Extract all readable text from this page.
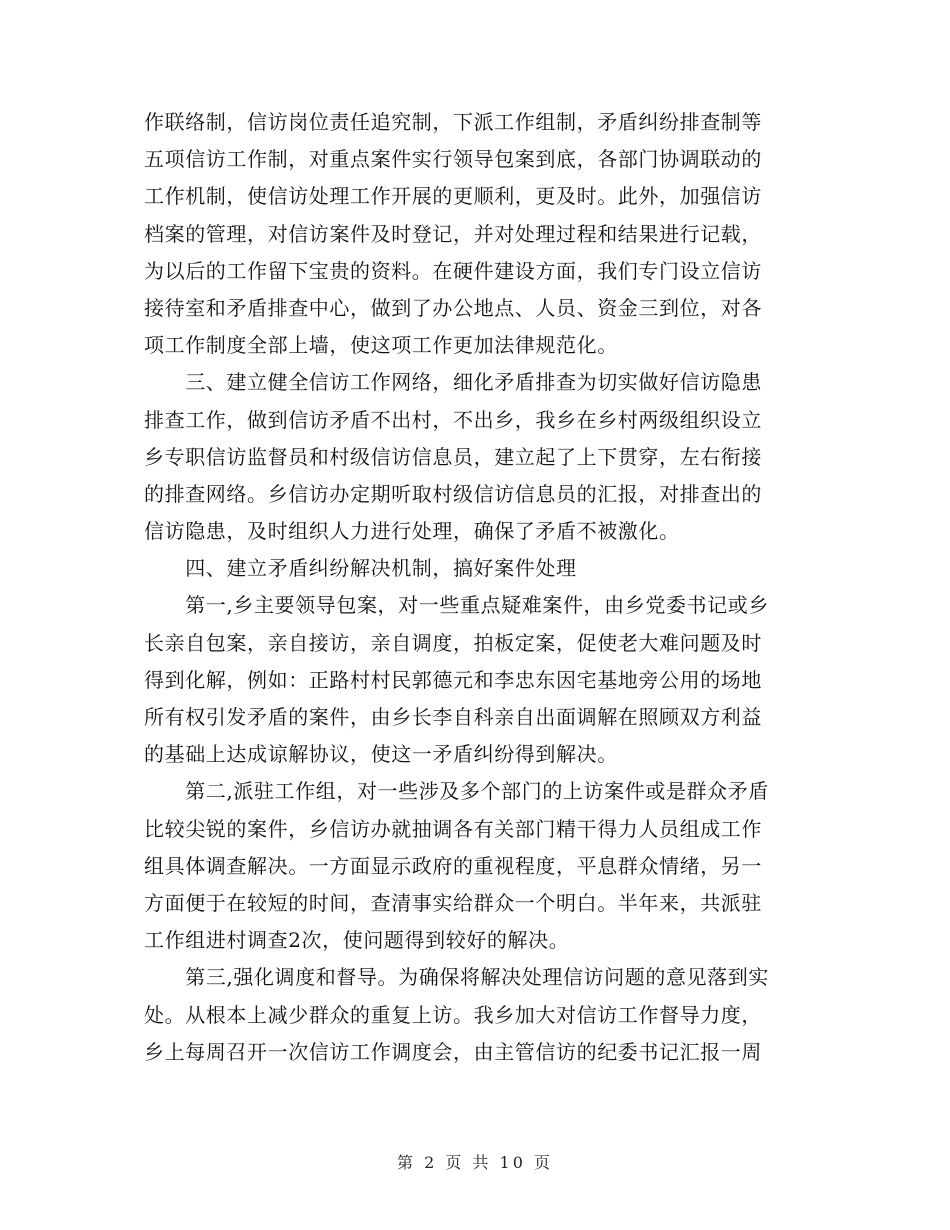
作联络制，信访岗位责任追究制，下派工作组制，矛盾纠纷排查制等
五项信访工作制，对重点案件实行领导包案到底，各部门协调联动的
工作机制，使信访处理工作开展的更顺利，更及时。此外，加强信访
档案的管理，对信访案件及时登记，并对处理过程和结果进行记载，
为以后的工作留下宝贵的资料。在硬件建设方面，我们专门设立信访
接待室和矛盾排查中心，做到了办公地点、人员、资金三到位，对各
项工作制度全部上墙，使这项工作更加法律规范化。
　　三、建立健全信访工作网络，细化矛盾排查为切实做好信访隐患
排查工作，做到信访矛盾不出村，不出乡，我乡在乡村两级组织设立
乡专职信访监督员和村级信访信息员，建立起了上下贯穿，左右衔接
的排查网络。乡信访办定期听取村级信访信息员的汇报，对排查出的
信访隐患，及时组织人力进行处理，确保了矛盾不被激化。
　　四、建立矛盾纠纷解决机制，搞好案件处理
　　第一,乡主要领导包案，对一些重点疑难案件，由乡党委书记或乡
长亲自包案，亲自接访，亲自调度，拍板定案，促使老大难问题及时
得到化解，例如：正路村村民郭德元和李忠东因宅基地旁公用的场地
所有权引发矛盾的案件，由乡长李自科亲自出面调解在照顾双方利益
的基础上达成谅解协议，使这一矛盾纠纷得到解决。
　　第二,派驻工作组，对一些涉及多个部门的上访案件或是群众矛盾
比较尖锐的案件，乡信访办就抽调各有关部门精干得力人员组成工作
组具体调查解决。一方面显示政府的重视程度，平息群众情绪，另一
方面便于在较短的时间，查清事实给群众一个明白。半年来，共派驻
工作组进村调查2次，使问题得到较好的解决。
　　第三,强化调度和督导。为确保将解决处理信访问题的意见落到实
处。从根本上减少群众的重复上访。我乡加大对信访工作督导力度，
乡上每周召开一次信访工作调度会，由主管信访的纪委书记汇报一周
第 2 页 共 10 页
